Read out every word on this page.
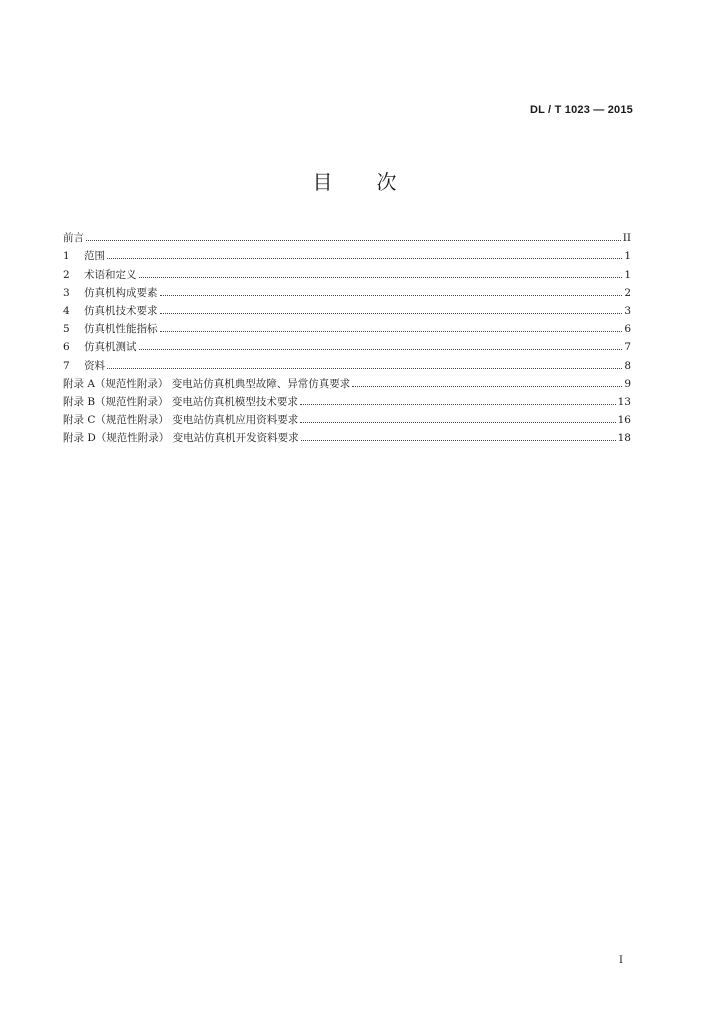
DL / T 1023 — 2015
目次
前言	II
1	范围	1
2	术语和定义	1
3	仿真机构成要素	2
4	仿真机技术要求	3
5	仿真机性能指标	6
6	仿真机测试	7
7	资料	8
附录 A（规范性附录） 变电站仿真机典型故障、异常仿真要求	9
附录 B（规范性附录） 变电站仿真机模型技术要求	13
附录 C（规范性附录） 变电站仿真机应用资料要求	16
附录 D（规范性附录） 变电站仿真机开发资料要求	18
I
